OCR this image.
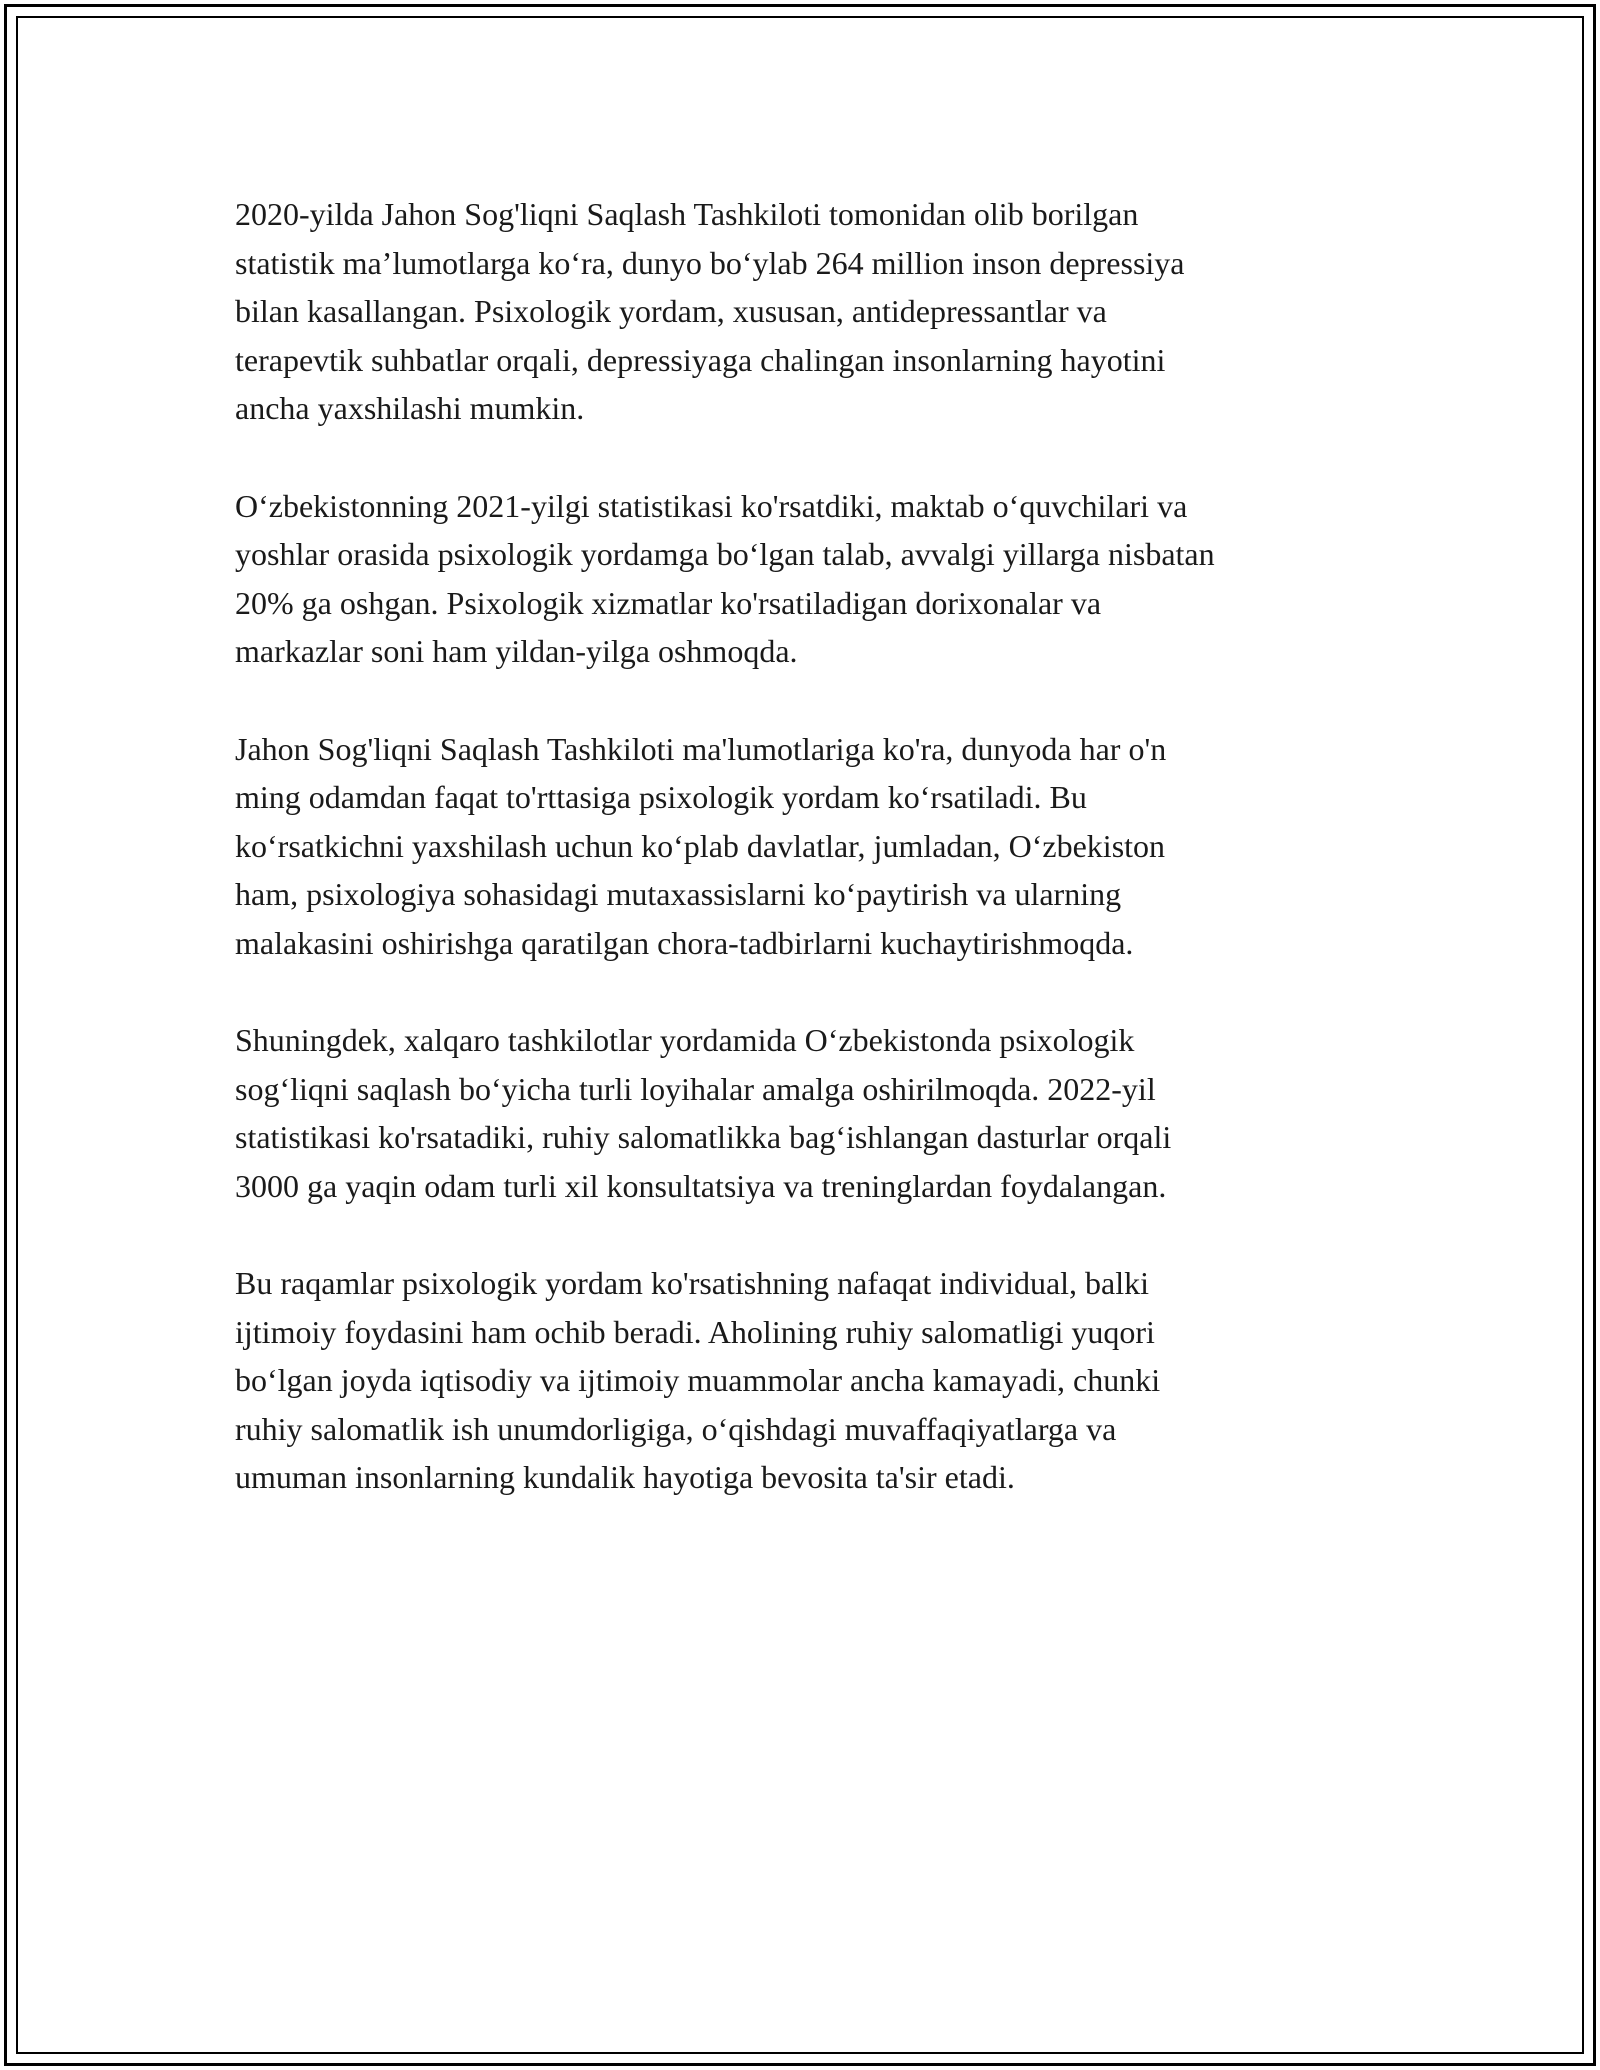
2020-yilda Jahon Sog'liqni Saqlash Tashkiloti tomonidan olib borilgan
statistik ma’lumotlarga ko‘ra, dunyo bo‘ylab 264 million inson depressiya
bilan kasallangan. Psixologik yordam, xususan, antidepressantlar va
terapevtik suhbatlar orqali, depressiyaga chalingan insonlarning hayotini
ancha yaxshilashi mumkin.

O‘zbekistonning 2021-yilgi statistikasi ko'rsatdiki, maktab o‘quvchilari va
yoshlar orasida psixologik yordamga bo‘lgan talab, avvalgi yillarga nisbatan
20% ga oshgan. Psixologik xizmatlar ko'rsatiladigan dorixonalar va
markazlar soni ham yildan-yilga oshmoqda.

Jahon Sog'liqni Saqlash Tashkiloti ma'lumotlariga ko'ra, dunyoda har o'n
ming odamdan faqat to'rttasiga psixologik yordam ko‘rsatiladi. Bu
ko‘rsatkichni yaxshilash uchun ko‘plab davlatlar, jumladan, O‘zbekiston
ham, psixologiya sohasidagi mutaxassislarni ko‘paytirish va ularning
malakasini oshirishga qaratilgan chora-tadbirlarni kuchaytirishmoqda.

Shuningdek, xalqaro tashkilotlar yordamida O‘zbekistonda psixologik
sog‘liqni saqlash bo‘yicha turli loyihalar amalga oshirilmoqda. 2022-yil
statistikasi ko'rsatadiki, ruhiy salomatlikka bag‘ishlangan dasturlar orqali
3000 ga yaqin odam turli xil konsultatsiya va treninglardan foydalangan.

Bu raqamlar psixologik yordam ko'rsatishning nafaqat individual, balki
ijtimoiy foydasini ham ochib beradi. Aholining ruhiy salomatligi yuqori
bo‘lgan joyda iqtisodiy va ijtimoiy muammolar ancha kamayadi, chunki
ruhiy salomatlik ish unumdorligiga, o‘qishdagi muvaffaqiyatlarga va
umuman insonlarning kundalik hayotiga bevosita ta'sir etadi.
